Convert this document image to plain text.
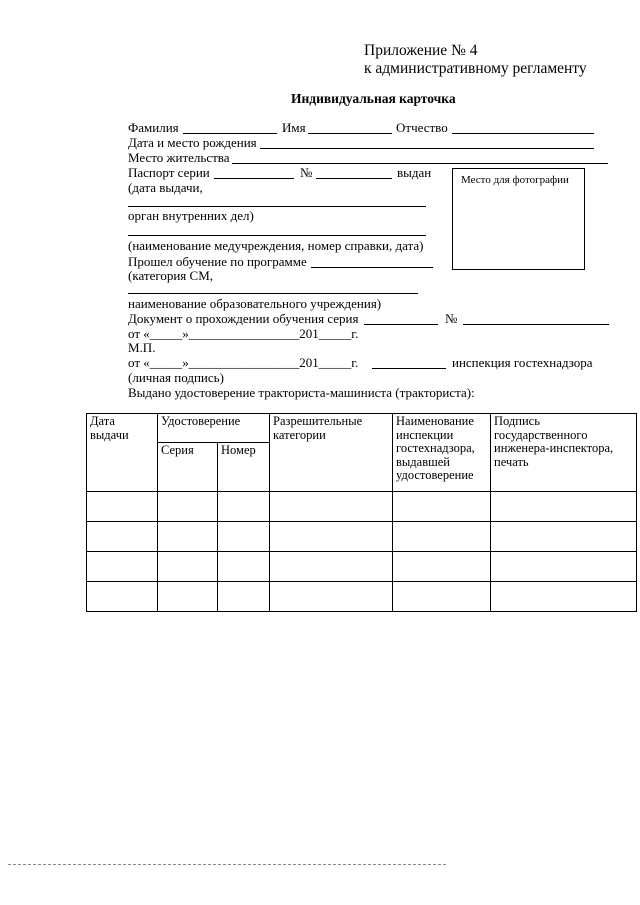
Приложение № 4
к административному регламенту
Индивидуальная карточка
Фамилия	Имя	Отчество
Дата и место рождения
Место жительства
Паспорт серии	№	выдан
(дата выдачи,
орган внутренних дел)
(наименование медучреждения, номер справки, дата)
Прошел обучение по программе
(категория СМ,
наименование образовательного учреждения)
Документ о прохождении обучения серия	№
от «_____»_________________201_____г.
М.П.
от «_____»_________________201_____г.	инспекция гостехнадзора
(личная подпись)
Выдано удостоверение тракториста-машиниста (тракториста):
Место для фотографии
Дата выдачи	Удостоверение		Разрешительные категории	Наименование инспекции гостехнадзора, выдавшей удостоверение	Подпись государственного инженера-инспектора, печать
	Серия	Номер			
